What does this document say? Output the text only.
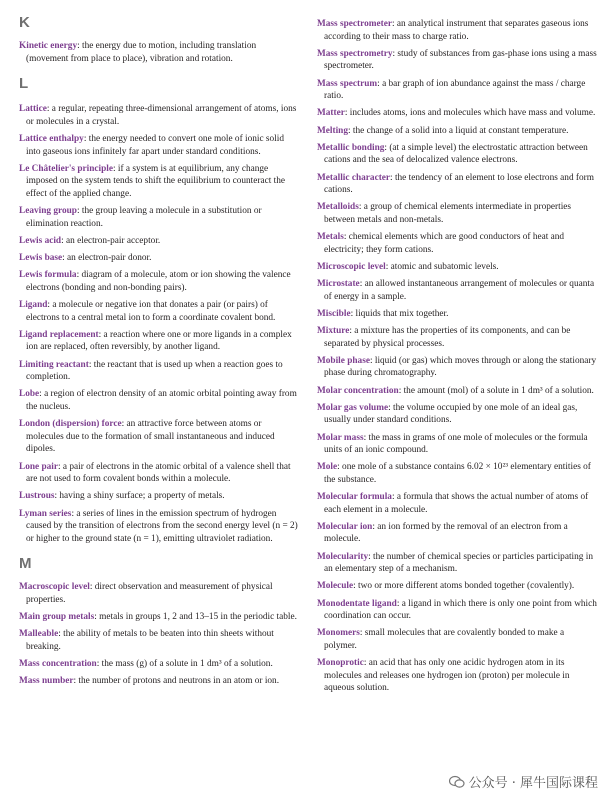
K

Kinetic energy: the energy due to motion, including translation (movement from place to place), vibration and rotation.

L

Lattice: a regular, repeating three-dimensional arrangement of atoms, ions or molecules in a crystal.

Lattice enthalpy: the energy needed to convert one mole of ionic solid into gaseous ions infinitely far apart under standard conditions.

Le Châtelier's principle: if a system is at equilibrium, any change imposed on the system tends to shift the equilibrium to counteract the effect of the applied change.

Leaving group: the group leaving a molecule in a substitution or elimination reaction.

Lewis acid: an electron-pair acceptor.

Lewis base: an electron-pair donor.

Lewis formula: diagram of a molecule, atom or ion showing the valence electrons (bonding and non-bonding pairs).

Ligand: a molecule or negative ion that donates a pair (or pairs) of electrons to a central metal ion to form a coordinate covalent bond.

Ligand replacement: a reaction where one or more ligands in a complex ion are replaced, often reversibly, by another ligand.

Limiting reactant: the reactant that is used up when a reaction goes to completion.

Lobe: a region of electron density of an atomic orbital pointing away from the nucleus.

London (dispersion) force: an attractive force between atoms or molecules due to the formation of small instantaneous and induced dipoles.

Lone pair: a pair of electrons in the atomic orbital of a valence shell that are not used to form covalent bonds within a molecule.

Lustrous: having a shiny surface; a property of metals.

Lyman series: a series of lines in the emission spectrum of hydrogen caused by the transition of electrons from the second energy level (n = 2) or higher to the ground state (n = 1), emitting ultraviolet radiation.

M

Macroscopic level: direct observation and measurement of physical properties.

Main group metals: metals in groups 1, 2 and 13–15 in the periodic table.

Malleable: the ability of metals to be beaten into thin sheets without breaking.

Mass concentration: the mass (g) of a solute in 1 dm³ of a solution.

Mass number: the number of protons and neutrons in an atom or ion.

Mass spectrometer: an analytical instrument that separates gaseous ions according to their mass to charge ratio.

Mass spectrometry: study of substances from gas-phase ions using a mass spectrometer.

Mass spectrum: a bar graph of ion abundance against the mass / charge ratio.

Matter: includes atoms, ions and molecules which have mass and volume.

Melting: the change of a solid into a liquid at constant temperature.

Metallic bonding: (at a simple level) the electrostatic attraction between cations and the sea of delocalized valence electrons.

Metallic character: the tendency of an element to lose electrons and form cations.

Metalloids: a group of chemical elements intermediate in properties between metals and non-metals.

Metals: chemical elements which are good conductors of heat and electricity; they form cations.

Microscopic level: atomic and subatomic levels.

Microstate: an allowed instantaneous arrangement of molecules or quanta of energy in a sample.

Miscible: liquids that mix together.

Mixture: a mixture has the properties of its components, and can be separated by physical processes.

Mobile phase: liquid (or gas) which moves through or along the stationary phase during chromatography.

Molar concentration: the amount (mol) of a solute in 1 dm³ of a solution.

Molar gas volume: the volume occupied by one mole of an ideal gas, usually under standard conditions.

Molar mass: the mass in grams of one mole of molecules or the formula units of an ionic compound.

Mole: one mole of a substance contains 6.02 × 10²³ elementary entities of the substance.

Molecular formula: a formula that shows the actual number of atoms of each element in a molecule.

Molecular ion: an ion formed by the removal of an electron from a molecule.

Molecularity: the number of chemical species or particles participating in an elementary step of a mechanism.

Molecule: two or more different atoms bonded together (covalently).

Monodentate ligand: a ligand in which there is only one point from which coordination can occur.

Monomers: small molecules that are covalently bonded to make a polymer.

Monoprotic: an acid that has only one acidic hydrogen atom in its molecules and releases one hydrogen ion (proton) per molecule in aqueous solution.

公众号 · 犀牛国际课程
